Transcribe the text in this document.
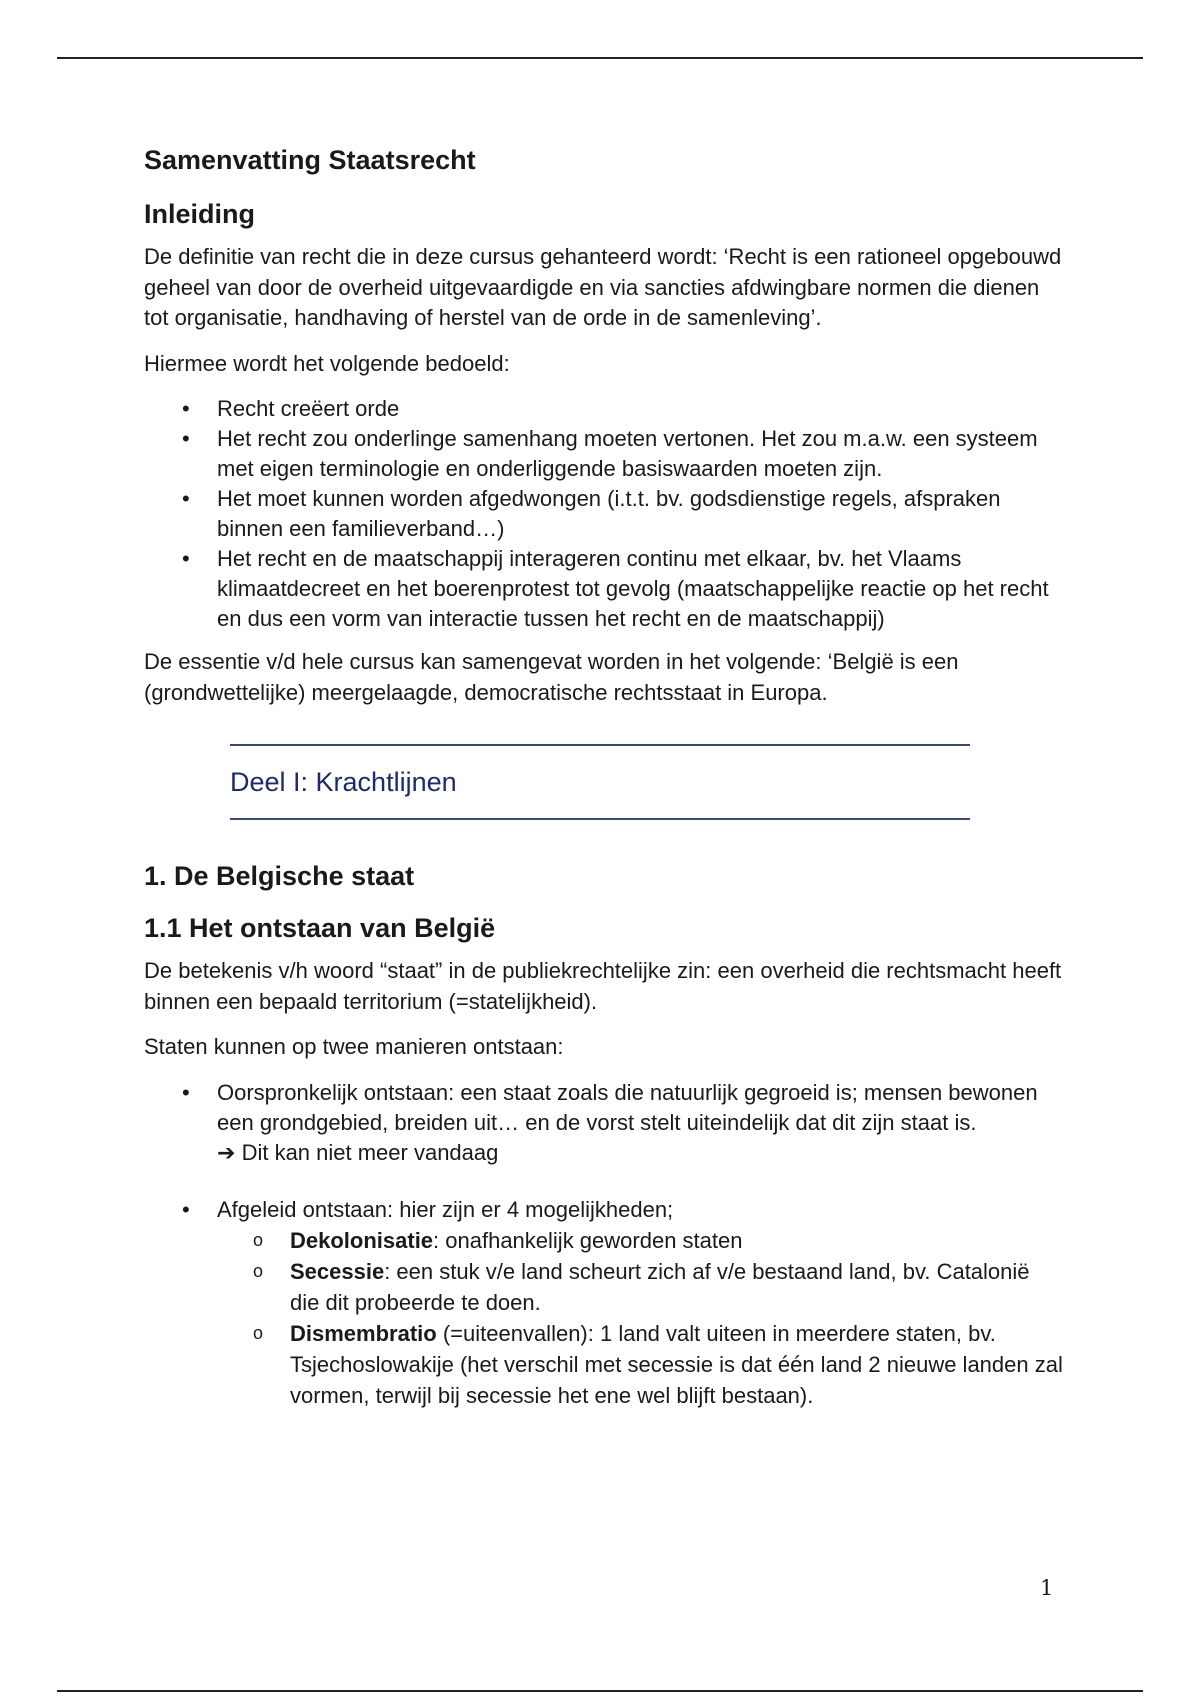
Samenvatting Staatsrecht
Inleiding

De definitie van recht die in deze cursus gehanteerd wordt: ‘Recht is een rationeel opgebouwd geheel van door de overheid uitgevaardigde en via sancties afdwingbare normen die dienen tot organisatie, handhaving of herstel van de orde in de samenleving’.

Hiermee wordt het volgende bedoeld:

• Recht creëert orde
• Het recht zou onderlinge samenhang moeten vertonen. Het zou m.a.w. een systeem met eigen terminologie en onderliggende basiswaarden moeten zijn.
• Het moet kunnen worden afgedwongen (i.t.t. bv. godsdienstige regels, afspraken binnen een familieverband…)
• Het recht en de maatschappij interageren continu met elkaar, bv. het Vlaams klimaatdecreet en het boerenprotest tot gevolg (maatschappelijke reactie op het recht en dus een vorm van interactie tussen het recht en de maatschappij)

De essentie v/d hele cursus kan samengevat worden in het volgende: ‘België is een (grondwettelijke) meergelaagde, democratische rechtsstaat in Europa.

Deel I: Krachtlijnen
1. De Belgische staat
1.1 Het ontstaan van België

De betekenis v/h woord “staat” in de publiekrechtelijke zin: een overheid die rechtsmacht heeft binnen een bepaald territorium (=statelijkheid).

Staten kunnen op twee manieren ontstaan:

• Oorspronkelijk ontstaan: een staat zoals die natuurlijk gegroeid is; mensen bewonen een grondgebied, breiden uit… en de vorst stelt uiteindelijk dat dit zijn staat is.
➔ Dit kan niet meer vandaag
• Afgeleid ontstaan: hier zijn er 4 mogelijkheden;
o Dekolonisatie: onafhankelijk geworden staten
o Secessie: een stuk v/e land scheurt zich af v/e bestaand land, bv. Catalonië die dit probeerde te doen.
o Dismembratio (=uiteenvallen): 1 land valt uiteen in meerdere staten, bv. Tsjechoslowakije (het verschil met secessie is dat één land 2 nieuwe landen zal vormen, terwijl bij secessie het ene wel blijft bestaan).
1
